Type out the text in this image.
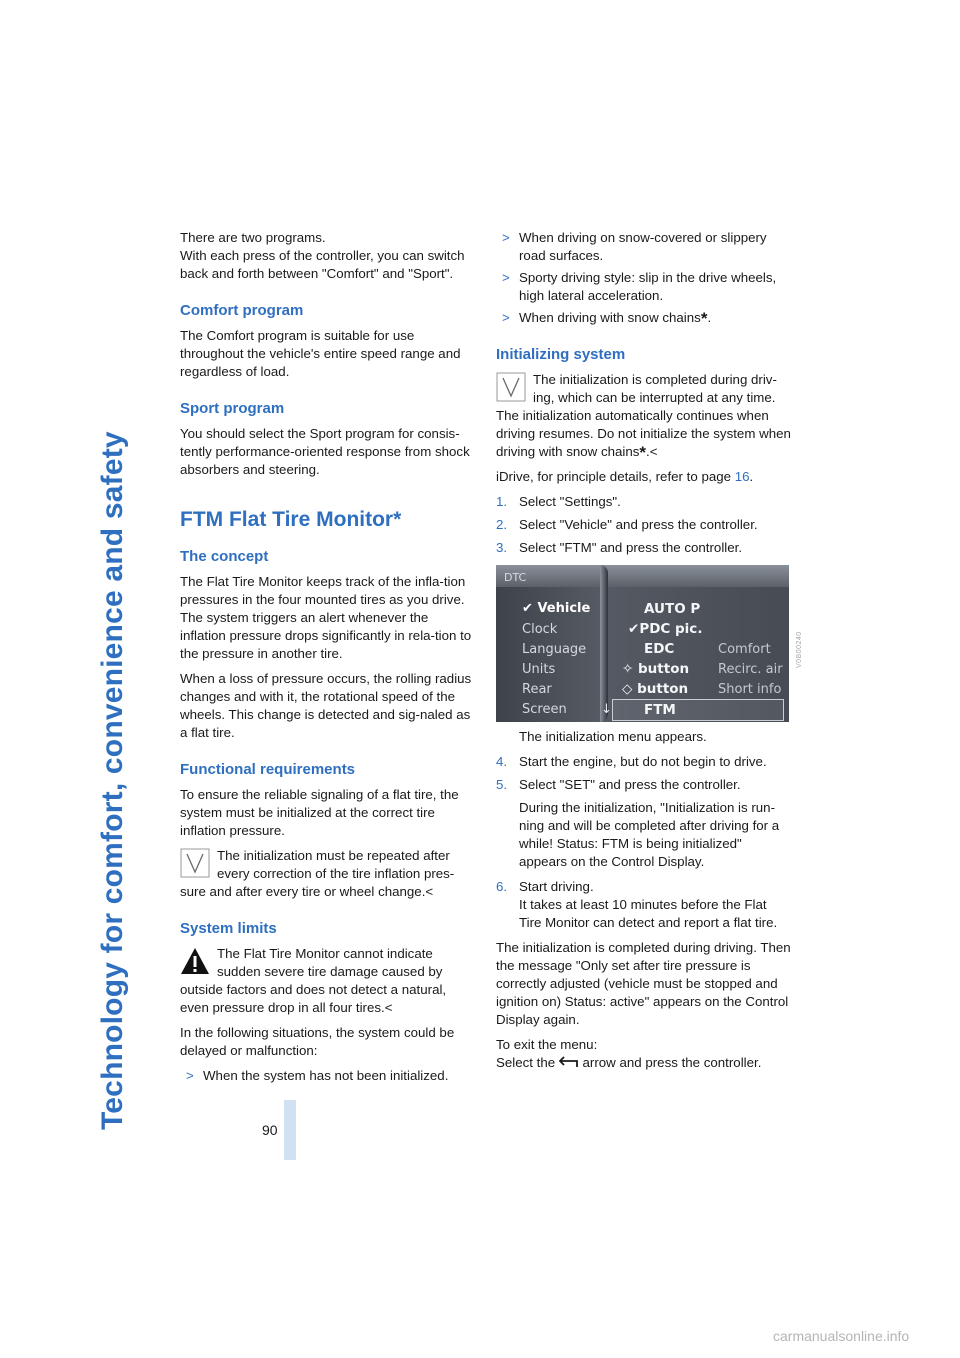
Technology for comfort, convenience and safety	90

There are two programs.

With each press of the controller, you can switch back and forth between "Comfort" and "Sport".

Comfort program

The Comfort program is suitable for use throughout the vehicle's entire speed range and regardless of load.

Sport program

You should select the Sport program for consis-tently performance-oriented response from shock absorbers and steering.

FTM Flat Tire Monitor*
The concept

The Flat Tire Monitor keeps track of the infla-tion pressures in the four mounted tires as you drive. The system triggers an alert whenever the inflation pressure drops significantly in rela-tion to the pressure in another tire.

When a loss of pressure occurs, the rolling radius changes and with it, the rotational speed of the wheels. This change is detected and sig-naled as a flat tire.

Functional requirements

To ensure the reliable signaling of a flat tire, the system must be initialized at the correct tire inflation pressure.

The initialization must be repeated after every correction of the tire inflation pres-sure and after every tire or wheel change.<
System limits
The Flat Tire Monitor cannot indicate sudden severe tire damage caused by outside factors and does not detect a natural, even pressure drop in all four tires.<

In the following situations, the system could be delayed or malfunction:

> When the system has not been initialized.
> When driving on snow-covered or slippery road surfaces.
> Sporty driving style: slip in the drive wheels, high lateral acceleration.
> When driving with snow chains*.
Initializing system
The initialization is completed during driv-ing, which can be interrupted at any time. The initialization automatically continues when driving resumes. Do not initialize the system when driving with snow chains*.<

iDrive, for principle details, refer to page 16.

1. Select "Settings".
2. Select "Vehicle" and press the controller.
3. Select "FTM" and press the controller.
DTC
✔ Vehicle
Clock
Language
Units
Rear
Screen
AUTO P
✔PDC pic.
EDC
✧ button
◇ button
↓ FTM
Comfort
Recirc. air
Short info

The initialization menu appears.

4. Start the engine, but do not begin to drive.
5. Select "SET" and press the controller.

During the initialization, "Initialization is run-ning and will be completed after driving for a while! Status: FTM is being initialized" appears on the Control Display.

6. Start driving.

It takes at least 10 minutes before the Flat Tire Monitor can detect and report a flat tire.

The initialization is completed during driving. Then the message "Only set after tire pressure is correctly adjusted (vehicle must be stopped and ignition on) Status: active" appears on the Control Display again.

To exit the menu:
Select the  arrow and press the controller.

V0B00240
carmanualsonline.info
